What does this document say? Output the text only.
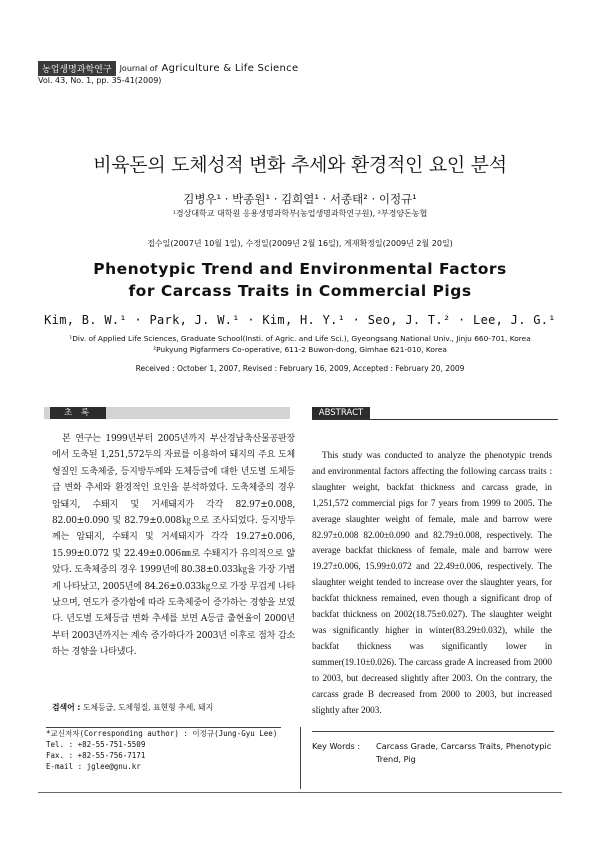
농업생명과학연구	Journal of Agriculture & Life Science
Vol. 43, No. 1, pp. 35-41(2009)
비육돈의 도체성적 변화 추세와 환경적인 요인 분석
김병우¹ · 박종원¹ · 김희열¹ · 서종태² · 이정규¹
¹경상대학교 대학원 응용생명과학부(농업생명과학연구원), ²부경양돈농협
접수일(2007년 10월 1일), 수정일(2009년 2월 16일), 게재확정일(2009년 2월 20일)
Phenotypic Trend and Environmental Factors
for Carcass Traits in Commercial Pigs
Kim, B. W.¹ · Park, J. W.¹ · Kim, H. Y.¹ · Seo, J. T.² · Lee, J. G.¹
¹Div. of Applied Life Sciences, Graduate School(Insti. of Agric. and Life Sci.), Gyeongsang National Univ., Jinju 660-701, Korea
²Pukyung Pigfarmers Co-operative, 611-2 Buwon-dong, Gimhae 621-010, Korea
Received : October 1, 2007, Revised : February 16, 2009, Accepted : February 20, 2009
초 록	ABSTRACT

본 연구는 1999년부터 2005년까지 부산경남축산물공판장에서 도축된 1,251,572두의 자료를 이용하여 돼지의 주요 도체형질인 도축체중, 등지방두께와 도체등급에 대한 년도별 도체등급 변화 추세와 환경적인 요인을 분석하였다. 도축체중의 경우 암돼지, 수퇘지 및 거세돼지가 각각 82.97±0.008, 82.00±0.090 및 82.79±0.008㎏으로 조사되었다. 등지방두께는 암돼지, 수퇘지 및 거세돼지가 각각 19.27±0.006, 15.99±0.072 및 22.49±0.006㎜로 수퇘지가 유의적으로 얇았다. 도축체중의 경우 1999년에 80.38±0.033㎏을 가장 가볍게 나타났고, 2005년에 84.26±0.033㎏으로 가장 무겁게 나타났으며, 연도가 증가함에 따라 도축체중이 증가하는 경향을 보였다. 년도별 도체등급 변화 추세를 보면 A등급 출현율이 2000년부터 2003년까지는 계속 증가하다가 2003년 이후로 점차 감소하는 경향을 나타냈다.

검색어 : 도체등급, 도체형질, 표현형 추세, 돼지

This study was conducted to analyze the phenotypic trends and environmental factors affecting the following carcass traits : slaughter weight, backfat thickness and carcass grade, in 1,251,572 commercial pigs for 7 years from 1999 to 2005. The average slaughter weight of female, male and barrow were 82.97±0.008 82.00±0.090 and 82.79±0.008, respectively. The average backfat thickness of female, male and barrow were 19.27±0.006, 15.99±0.072 and 22.49±0.006, respectively. The slaughter weight tended to increase over the slaughter years, for backfat thickness remained, even though a significant drop of backfat thickness on 2002(18.75±0.027). The slaughter weight was significantly higher in winter(83.29±0.032), while the backfat thickness was significantly lower in summer(19.10±0.026). The carcass grade A increased from 2000 to 2003, but decreased slightly after 2003. On the contrary, the carcass grade B decreased from 2000 to 2003, but increased slightly after 2003.

Key Words :	Carcass Grade, Carcarss Traits, Phenotypic Trend, Pig
*교신저자(Corresponding author) : 이정규(Jung-Gyu Lee)
Tel. : +82-55-751-5509
Fax. : +82-55-756-7171
E-mail : jglee@gnu.kr
